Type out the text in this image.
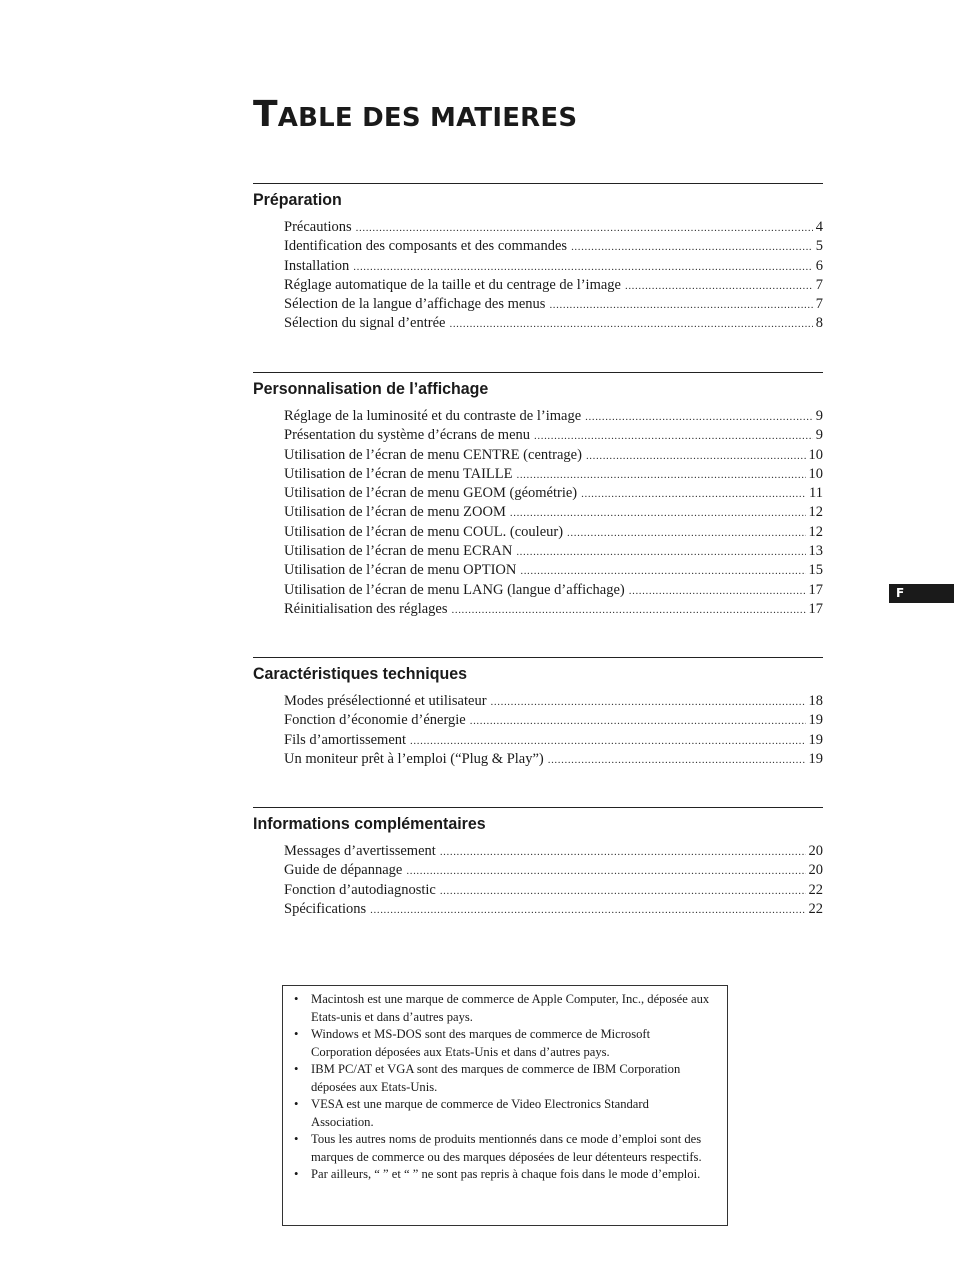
TABLE DES MATIERES
Préparation
Précautions .....	4
Identification des composants et des commandes .....	5
Installation .....	6
Réglage automatique de la taille et du centrage de l’image .....	7
Sélection de la langue d’affichage des menus .....	7
Sélection du signal d’entrée .....	8
Personnalisation de l’affichage
Réglage de la luminosité et du contraste de l’image .....	9
Présentation du système d’écrans de menu .....	9
Utilisation de l’écran de menu CENTRE (centrage) .....	10
Utilisation de l’écran de menu TAILLE .....	10
Utilisation de l’écran de menu GEOM (géométrie) .....	11
Utilisation de l’écran de menu ZOOM .....	12
Utilisation de l’écran de menu COUL. (couleur) .....	12
Utilisation de l’écran de menu ECRAN .....	13
Utilisation de l’écran de menu OPTION .....	15
Utilisation de l’écran de menu LANG (langue d’affichage) .....	17
Réinitialisation des réglages .....	17
Caractéristiques techniques
Modes présélectionné et utilisateur .....	18
Fonction d’économie d’énergie .....	19
Fils d’amortissement .....	19
Un moniteur prêt à l’emploi (“Plug & Play”) .....	19
Informations complémentaires
Messages d’avertissement .....	20
Guide de dépannage .....	20
Fonction d’autodiagnostic .....	22
Spécifications .....	22
F
• Macintosh est une marque de commerce de Apple Computer, Inc., déposée aux Etats-unis et dans d’autres pays.
• Windows et MS-DOS sont des marques de commerce de Microsoft Corporation déposées aux Etats-Unis et dans d’autres pays.
• IBM PC/AT et VGA sont des marques de commerce de IBM Corporation déposées aux Etats-Unis.
• VESA est une marque de commerce de Video Electronics Standard Association.
• Tous les autres noms de produits mentionnés dans ce mode d’emploi sont des marques de commerce ou des marques déposées de leur détenteurs respectifs.
• Par ailleurs, “ ” et “ ” ne sont pas repris à chaque fois dans le mode d’emploi.
